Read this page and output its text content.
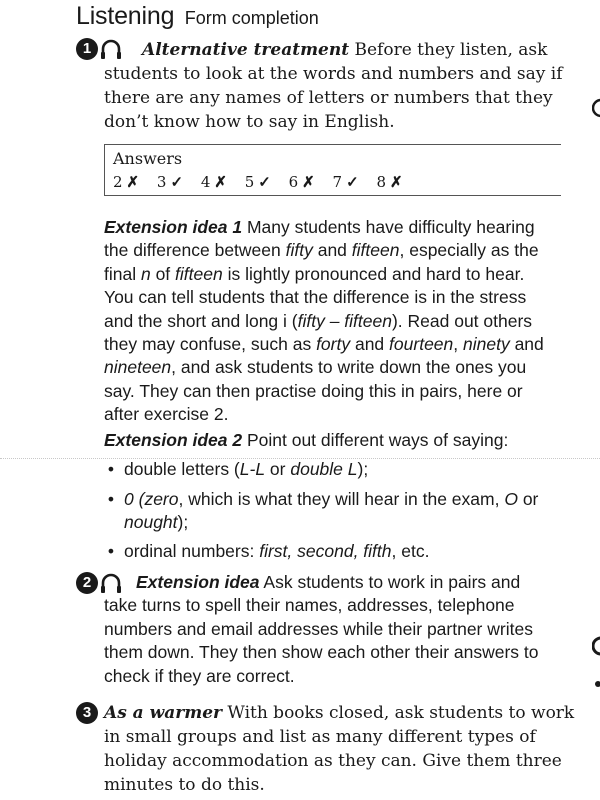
Listening Form completion
1	Alternative treatment Before they listen, ask
students to look at the words and numbers and say if
there are any names of letters or numbers that they
don’t know how to say in English.
Answers
2 ✗ 3 ✓ 4 ✗ 5 ✓ 6 ✗ 7 ✓ 8 ✗
Extension idea 1 Many students have difficulty hearing
the difference between fifty and fifteen, especially as the
final n of fifteen is lightly pronounced and hard to hear.
You can tell students that the difference is in the stress
and the short and long i (fifty – fifteen). Read out others
they may confuse, such as forty and fourteen, ninety and
nineteen, and ask students to write down the ones you
say. They can then practise doing this in pairs, here or
after exercise 2.
Extension idea 2 Point out different ways of saying:
• double letters (L-L or double L);
• 0 (zero, which is what they will hear in the exam, O or
nought);
• ordinal numbers: first, second, fifth, etc.
2	Extension idea Ask students to work in pairs and
take turns to spell their names, addresses, telephone
numbers and email addresses while their partner writes
them down. They then show each other their answers to
check if they are correct.
3 As a warmer With books closed, ask students to work
in small groups and list as many different types of
holiday accommodation as they can. Give them three
minutes to do this.
